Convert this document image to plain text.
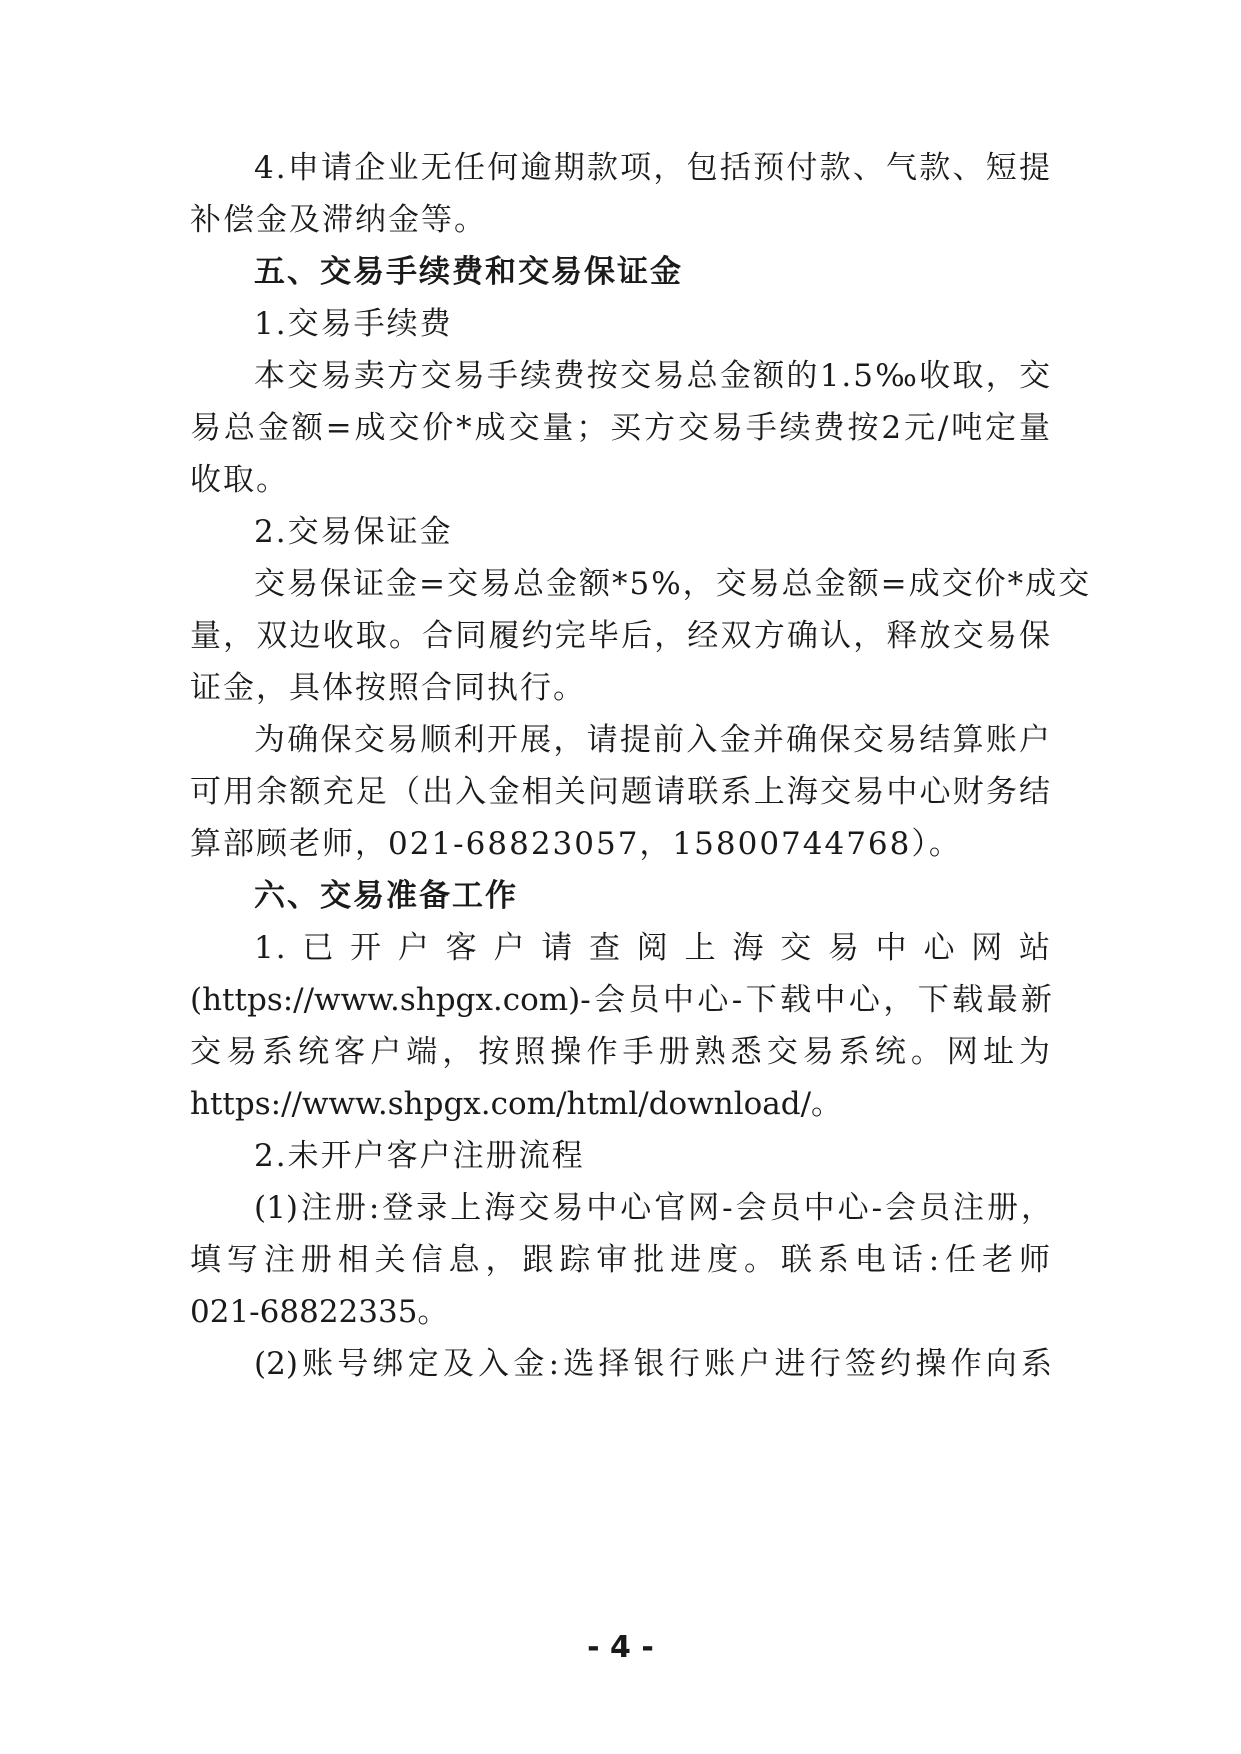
4.申请企业无任何逾期款项，包括预付款、气款、短提
补偿金及滞纳金等。
五、交易手续费和交易保证金
1.交易手续费
本交易卖方交易手续费按交易总金额的1.5‰收取，交
易总金额=成交价*成交量；买方交易手续费按2元/吨定量
收取。
2.交易保证金
交易保证金=交易总金额*5%，交易总金额=成交价*成交
量，双边收取。合同履约完毕后，经双方确认，释放交易保
证金，具体按照合同执行。
为确保交易顺利开展，请提前入金并确保交易结算账户
可用余额充足（出入金相关问题请联系上海交易中心财务结
算部顾老师，021-68823057，15800744768）。
六、交易准备工作
1.已开户客户请查阅上海交易中心网站
(https://www.shpgx.com)-会员中心-下载中心，下载最新
交易系统客户端，按照操作手册熟悉交易系统。网址为
https://www.shpgx.com/html/download/。
2.未开户客户注册流程
(1)注册:登录上海交易中心官网-会员中心-会员注册，
填写注册相关信息，跟踪审批进度。联系电话:任老师
021-68822335。
(2)账号绑定及入金:选择银行账户进行签约操作向系
- 4 -
